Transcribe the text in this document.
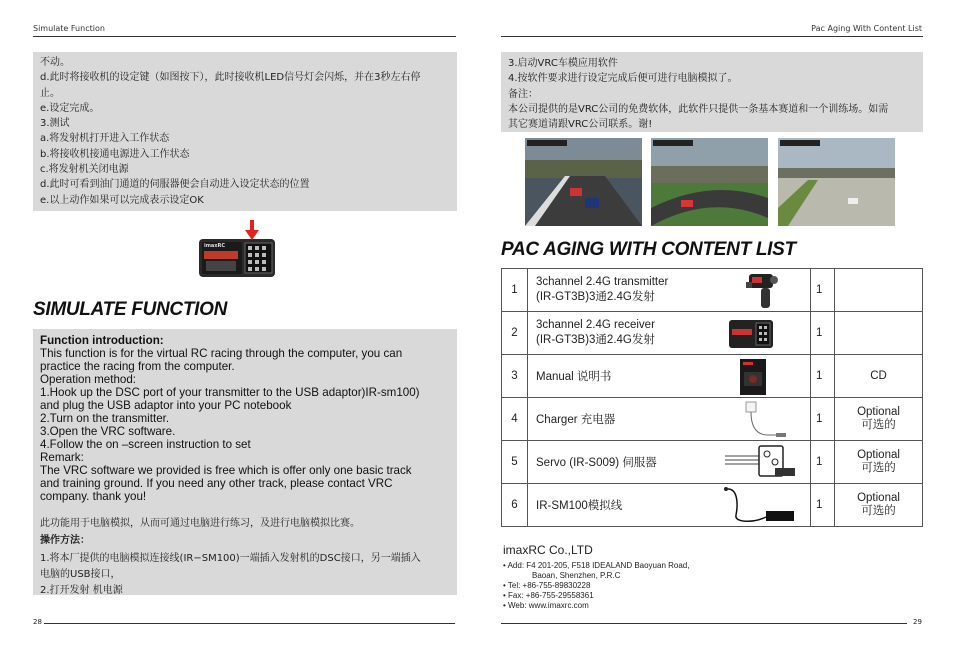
Simulate Function	Pac Aging With Content List
不动。
d.此时将接收机的设定键（如图按下），此时接收机LED信号灯会闪烁，并在3秒左右停
止。
e.设定完成。
3.测试
a.将发射机打开进入工作状态
b.将接收机接通电源进入工作状态
c.将发射机关闭电源
d.此时可看到油门通道的伺服器便会自动进入设定状态的位置
e.以上动作如果可以完成表示设定OK
imaxRC
SIMULATE FUNCTION
Function introduction:
This function is for the virtual RC racing through the computer, you can
practice the racing from the computer.
Operation method:
1.Hook up the DSC port of your transmitter to the USB adaptor)IR-sm100)
and plug the USB adaptor into your PC notebook
2.Turn on the transmitter.
3.Open the VRC software.
4.Follow the on –screen instruction to set
Remark:
The VRC software we provided is free which is offer only one basic track
and training ground. If you need any other track, please contact VRC
company. thank you!
此功能用于电脑模拟，从而可通过电脑进行练习，及进行电脑模拟比赛。
操作方法：
1.将本厂提供的电脑模拟连接线(IR−SM100)一端插入发射机的DSC接口，另一端插入
电脑的USB接口，
2.打开发射 机电源
3.启动VRC车模应用软件
4.按软件要求进行设定完成后便可进行电脑模拟了。
备注：
本公司提供的是VRC公司的免费软体，此软件只提供一条基本赛道和一个训练场。如需
其它赛道请跟VRC公司联系。谢!
PAC AGING WITH CONTENT LIST
1	3channel 2.4G transmitter
(IR-GT3B)3通2.4G发射	1	

2	3channel 2.4G receiver
(IR-GT3B)3通2.4G发射	1	

3	Manual 说明书	1	CD

4	Charger 充电器	1	Optional
可选的

5	Servo (IR-S009) 伺服器	1	Optional
可选的

6	IR-SM100模拟线	1	Optional
可选的
imaxRC Co.,LTD
• Add: F4 201-205, F518 IDEALAND Baoyuan Road,
Baoan, Shenzhen, P.R.C
• Tel: +86-755-89830228
• Fax: +86-755-29558361
• Web: www.imaxrc.com
28	29
